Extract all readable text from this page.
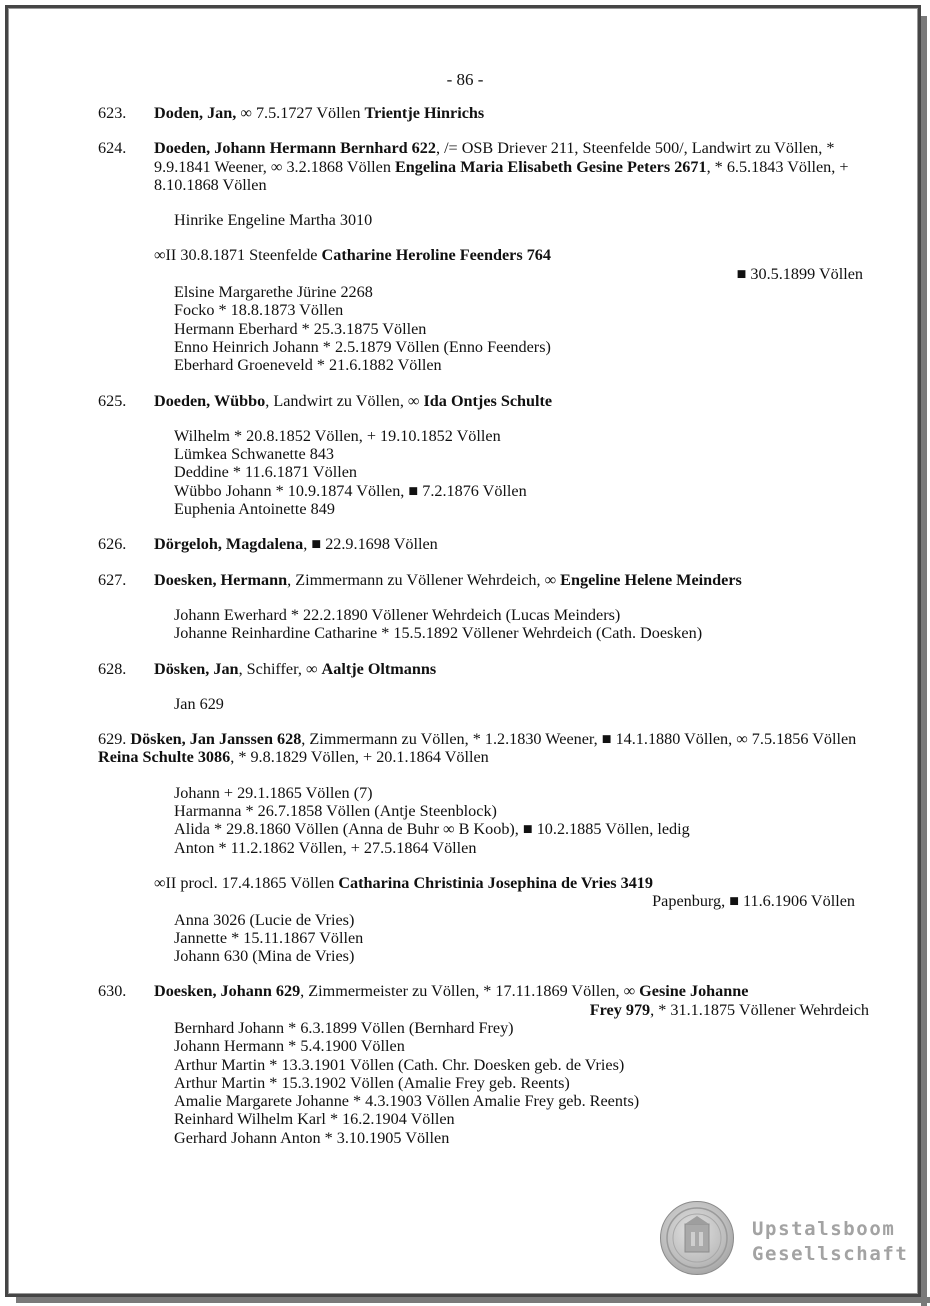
- 86 -
623. Doden, Jan, ∞ 7.5.1727 Völlen Trientje Hinrichs
624. Doeden, Johann Hermann Bernhard 622, /= OSB Driever 211, Steenfelde 500/, Landwirt zu Völlen, * 9.9.1841 Weener, ∞ 3.2.1868 Völlen Engelina Maria Elisabeth Gesine Peters 2671, * 6.5.1843 Völlen, + 8.10.1868 Völlen
Hinrike Engeline Martha 3010
∞II 30.8.1871 Steenfelde Catharine Heroline Feenders 764
■ 30.5.1899 Völlen
Elsine Margarethe Jürine 2268
Focko * 18.8.1873 Völlen
Hermann Eberhard * 25.3.1875 Völlen
Enno Heinrich Johann * 2.5.1879 Völlen (Enno Feenders)
Eberhard Groeneveld * 21.6.1882 Völlen
625. Doeden, Wübbo, Landwirt zu Völlen, ∞ Ida Ontjes Schulte
Wilhelm * 20.8.1852 Völlen, + 19.10.1852 Völlen
Lümkea Schwanette 843
Deddine * 11.6.1871 Völlen
Wübbo Johann * 10.9.1874 Völlen, ■ 7.2.1876 Völlen
Euphenia Antoinette 849
626. Dörgeloh, Magdalena, ■ 22.9.1698 Völlen
627. Doesken, Hermann, Zimmermann zu Völlener Wehrdeich, ∞ Engeline Helene Meinders
Johann Ewerhard * 22.2.1890 Völlener Wehrdeich (Lucas Meinders)
Johanne Reinhardine Catharine * 15.5.1892 Völlener Wehrdeich (Cath. Doesken)
628. Dösken, Jan, Schiffer, ∞ Aaltje Oltmanns
Jan 629
629. Dösken, Jan Janssen 628, Zimmermann zu Völlen, * 1.2.1830 Weener, ■ 14.1.1880 Völlen, ∞ 7.5.1856 Völlen Reina Schulte 3086, * 9.8.1829 Völlen, + 20.1.1864 Völlen
Johann + 29.1.1865 Völlen (7)
Harmanna * 26.7.1858 Völlen (Antje Steenblock)
Alida * 29.8.1860 Völlen (Anna de Buhr ∞ B Koob), ■ 10.2.1885 Völlen, ledig
Anton * 11.2.1862 Völlen, + 27.5.1864 Völlen
∞II procl. 17.4.1865 Völlen Catharina Christinia Josephina de Vries 3419
Papenburg, ■ 11.6.1906 Völlen
Anna 3026 (Lucie de Vries)
Jannette * 15.11.1867 Völlen
Johann 630 (Mina de Vries)
630. Doesken, Johann 629, Zimmermeister zu Völlen, * 17.11.1869 Völlen, ∞ Gesine Johanne
Frey 979, * 31.1.1875 Völlener Wehrdeich
Bernhard Johann * 6.3.1899 Völlen (Bernhard Frey)
Johann Hermann * 5.4.1900 Völlen
Arthur Martin * 13.3.1901 Völlen (Cath. Chr. Doesken geb. de Vries)
Arthur Martin * 15.3.1902 Völlen (Amalie Frey geb. Reents)
Amalie Margarete Johanne * 4.3.1903 Völlen Amalie Frey geb. Reents)
Reinhard Wilhelm Karl * 16.2.1904 Völlen
Gerhard Johann Anton * 3.10.1905 Völlen
Upstalsboom
Gesellschaft
